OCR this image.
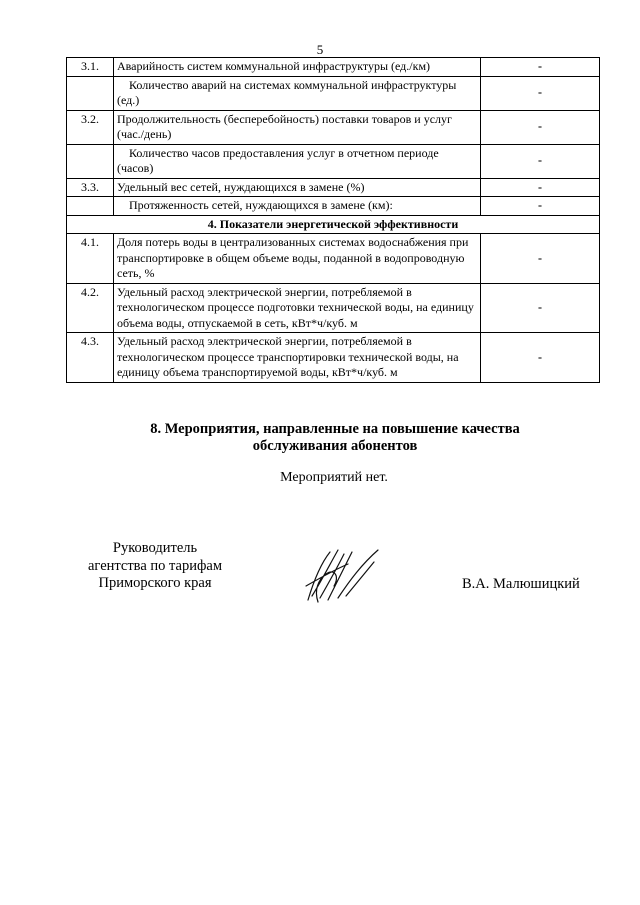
5
3.1.	Аварийность систем коммунальной инфраструктуры (ед./км)	-
	Количество аварий на системах коммунальной инфраструктуры (ед.)	-
3.2.	Продолжительность (бесперебойность) поставки товаров и услуг (час./день)	-
	Количество часов предоставления услуг в отчетном периоде (часов)	-
3.3.	Удельный вес сетей, нуждающихся в замене (%)	-
	Протяженность сетей, нуждающихся в замене (км):	-
4. Показатели энергетической эффективности		
4.1.	Доля потерь воды в централизованных системах водоснабжения при транспортировке в общем объеме воды, поданной в водопроводную сеть, %	-
4.2.	Удельный расход электрической энергии, потребляемой в технологическом процессе подготовки технической воды, на единицу объема воды, отпускаемой в сеть, кВт*ч/куб. м	-
4.3.	Удельный расход электрической энергии, потребляемой в технологическом процессе транспортировки технической воды, на единицу объема транспортируемой воды, кВт*ч/куб. м	-
8. Мероприятия, направленные на повышение качества
обслуживания абонентов
Мероприятий нет.
Руководитель
агентства по тарифам
Приморского края	В.А. Малюшицкий
